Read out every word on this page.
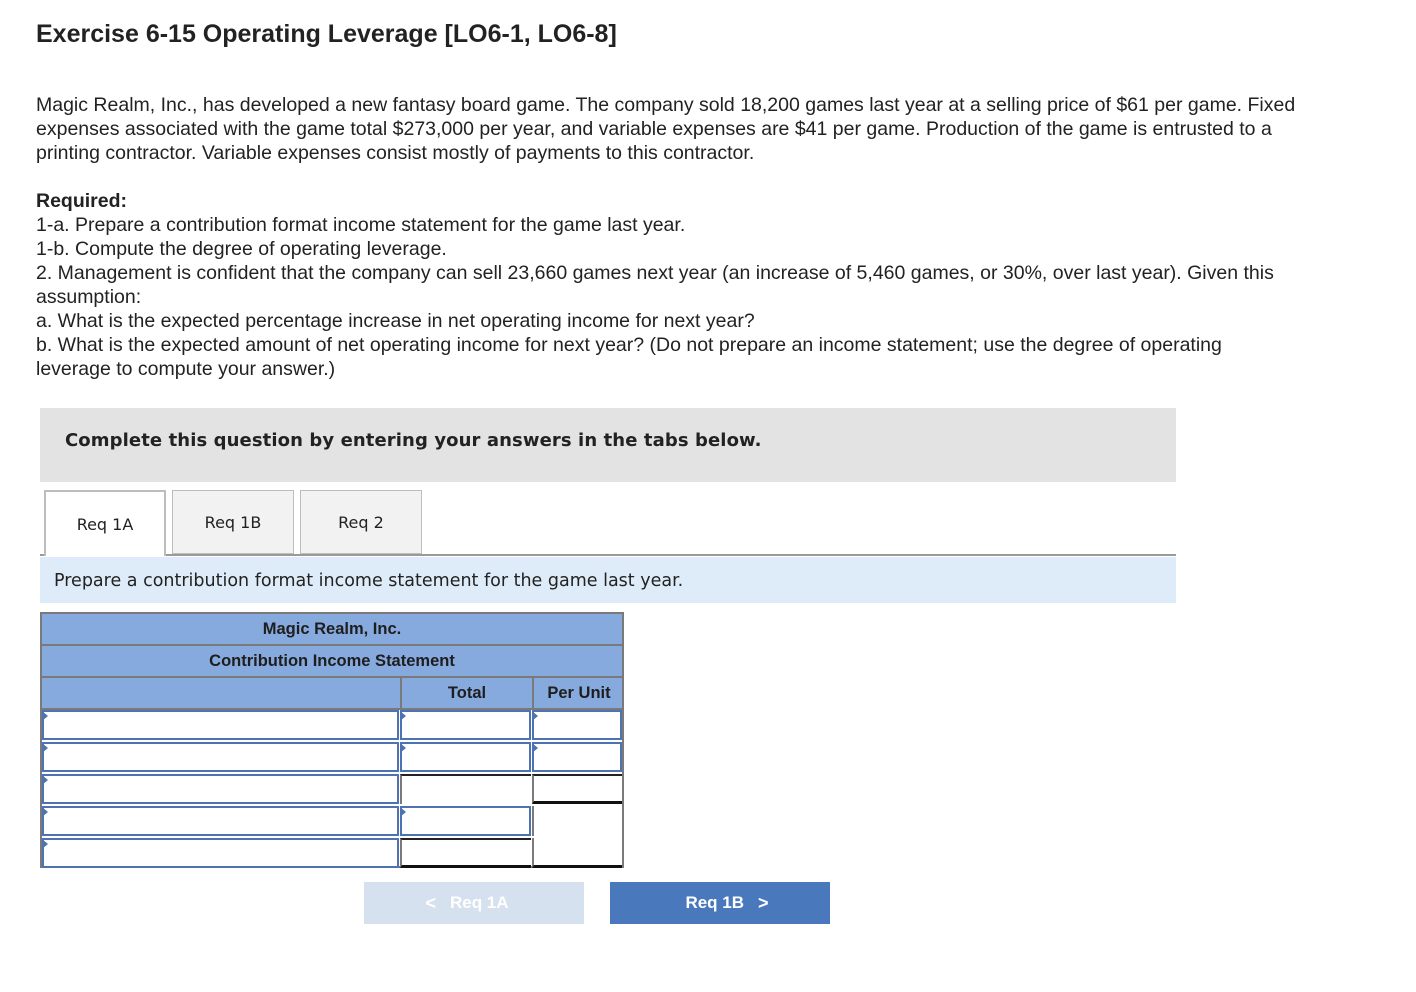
Exercise 6-15 Operating Leverage [LO6-1, LO6-8]
Magic Realm, Inc., has developed a new fantasy board game. The company sold 18,200 games last year at a selling price of $61 per game. Fixed expenses associated with the game total $273,000 per year, and variable expenses are $41 per game. Production of the game is entrusted to a printing contractor. Variable expenses consist mostly of payments to this contractor.
Required:
1-a. Prepare a contribution format income statement for the game last year.
1-b. Compute the degree of operating leverage.
2. Management is confident that the company can sell 23,660 games next year (an increase of 5,460 games, or 30%, over last year). Given this assumption:
a. What is the expected percentage increase in net operating income for next year?
b. What is the expected amount of net operating income for next year? (Do not prepare an income statement; use the degree of operating leverage to compute your answer.)
Complete this question by entering your answers in the tabs below.
Req 1A	Req 1B	Req 2
Prepare a contribution format income statement for the game last year.
Magic Realm, Inc.
Contribution Income Statement
Total	Per Unit
< Req 1A	Req 1B >
